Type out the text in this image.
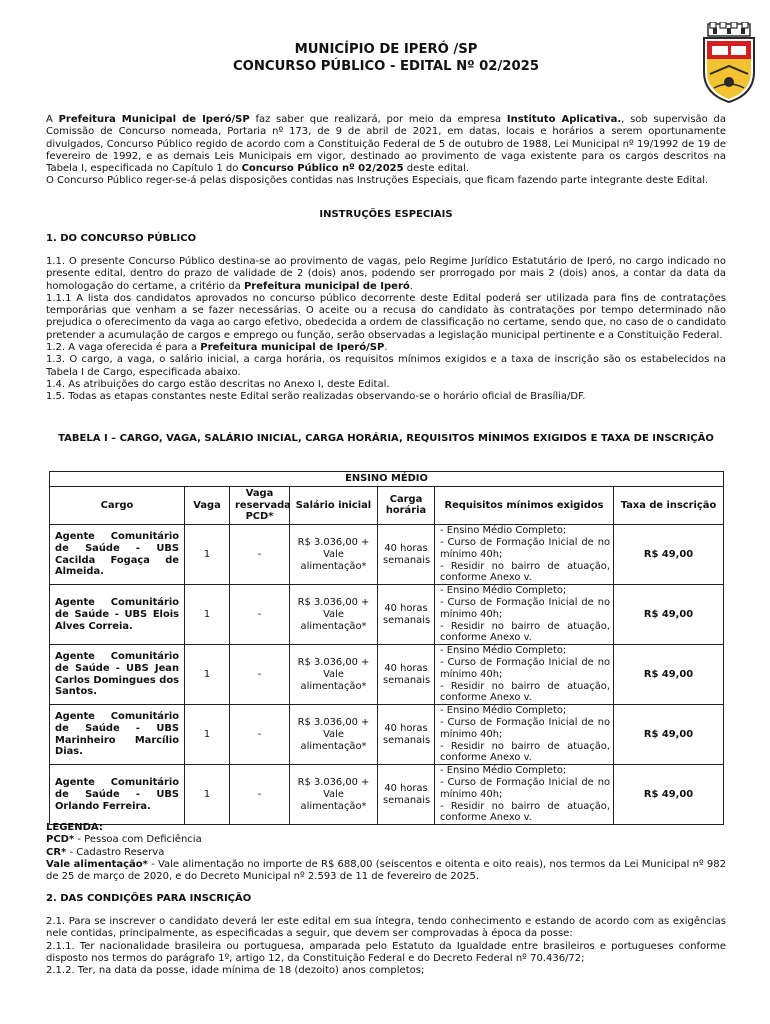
MUNICÍPIO DE IPERÓ /SP
CONCURSO PÚBLICO - EDITAL Nº 02/2025

A Prefeitura Municipal de Iperó/SP faz saber que realizará, por meio da empresa Instituto Aplicativa., sob supervisão da Comissão de Concurso nomeada, Portaria nº 173, de 9 de abril de 2021, em datas, locais e horários a serem oportunamente divulgados, Concurso Público regido de acordo com a Constituição Federal de 5 de outubro de 1988, Lei Municipal nº 19/1992 de 19 de fevereiro de 1992, e as demais Leis Municipais em vigor, destinado ao provimento de vaga existente para os cargos descritos na Tabela I, especificada no Capítulo 1 do Concurso Público nº 02/2025 deste edital.

O Concurso Público reger-se-á pelas disposições contidas nas Instruções Especiais, que ficam fazendo parte integrante deste Edital.

INSTRUÇÕES ESPECIAIS
1. DO CONCURSO PÚBLICO

1.1. O presente Concurso Público destina-se ao provimento de vagas, pelo Regime Jurídico Estatutário de Iperó, no cargo indicado no presente edital, dentro do prazo de validade de 2 (dois) anos, podendo ser prorrogado por mais 2 (dois) anos, a contar da data da homologação do certame, a critério da Prefeitura municipal de Iperó.

1.1.1 A lista dos candidatos aprovados no concurso público decorrente deste Edital poderá ser utilizada para fins de contratações temporárias que venham a se fazer necessárias. O aceite ou a recusa do candidato às contratações por tempo determinado não prejudica o oferecimento da vaga ao cargo efetivo, obedecida a ordem de classificação no certame, sendo que, no caso de o candidato pretender a acumulação de cargos e emprego ou função, serão observadas a legislação municipal pertinente e a Constituição Federal.

1.2. A vaga oferecida é para a Prefeitura municipal de Iperó/SP.

1.3. O cargo, a vaga, o salário inicial, a carga horária, os requisitos mínimos exigidos e a taxa de inscrição são os estabelecidos na Tabela I de Cargo, especificada abaixo.

1.4. As atribuições do cargo estão descritas no Anexo I, deste Edital.

1.5. Todas as etapas constantes neste Edital serão realizadas observando-se o horário oficial de Brasília/DF.

TABELA I – CARGO, VAGA, SALÁRIO INICIAL, CARGA HORÁRIA, REQUISITOS MÍNIMOS EXIGIDOS E TAXA DE INSCRIÇÃO
ENSINO MÉDIO						
Cargo	Vaga	Vaga reservada PCD*	Salário inicial	Carga horária	Requisitos mínimos exigidos	Taxa de inscrição
Agente Comunitário de Saúde - UBS Cacilda Fogaça de Almeida.	1	-	R$ 3.036,00 + Vale alimentação*	40 horas semanais	- Ensino Médio Completo;
- Curso de Formação Inicial de no mínimo 40h;
- Residir no bairro de atuação, conforme Anexo v.	R$ 49,00
Agente Comunitário de Saúde - UBS Elois Alves Correia.	1	-	R$ 3.036,00 + Vale alimentação*	40 horas semanais	- Ensino Médio Completo;
- Curso de Formação Inicial de no mínimo 40h;
- Residir no bairro de atuação, conforme Anexo v.	R$ 49,00
Agente Comunitário de Saúde - UBS Jean Carlos Domingues dos Santos.	1	-	R$ 3.036,00 + Vale alimentação*	40 horas semanais	- Ensino Médio Completo;
- Curso de Formação Inicial de no mínimo 40h;
- Residir no bairro de atuação, conforme Anexo v.	R$ 49,00
Agente Comunitário de Saúde - UBS Marinheiro Marcílio Dias.	1	-	R$ 3.036,00 + Vale alimentação*	40 horas semanais	- Ensino Médio Completo;
- Curso de Formação Inicial de no mínimo 40h;
- Residir no bairro de atuação, conforme Anexo v.	R$ 49,00
Agente Comunitário de Saúde - UBS Orlando Ferreira.	1	-	R$ 3.036,00 + Vale alimentação*	40 horas semanais	- Ensino Médio Completo;
- Curso de Formação Inicial de no mínimo 40h;
- Residir no bairro de atuação, conforme Anexo v.	R$ 49,00

LEGENDA:

PCD* - Pessoa com Deficiência

CR* - Cadastro Reserva

Vale alimentação* - Vale alimentação no importe de R$ 688,00 (seiscentos e oitenta e oito reais), nos termos da Lei Municipal nº 982 de 25 de março de 2020, e do Decreto Municipal nº 2.593 de 11 de fevereiro de 2025.

2. DAS CONDIÇÕES PARA INSCRIÇÃO

2.1. Para se inscrever o candidato deverá ler este edital em sua íntegra, tendo conhecimento e estando de acordo com as exigências nele contidas, principalmente, as especificadas a seguir, que devem ser comprovadas à época da posse:

2.1.1. Ter nacionalidade brasileira ou portuguesa, amparada pelo Estatuto da Igualdade entre brasileiros e portugueses conforme disposto nos termos do parágrafo 1º, artigo 12, da Constituição Federal e do Decreto Federal nº 70.436/72;

2.1.2. Ter, na data da posse, idade mínima de 18 (dezoito) anos completos;
